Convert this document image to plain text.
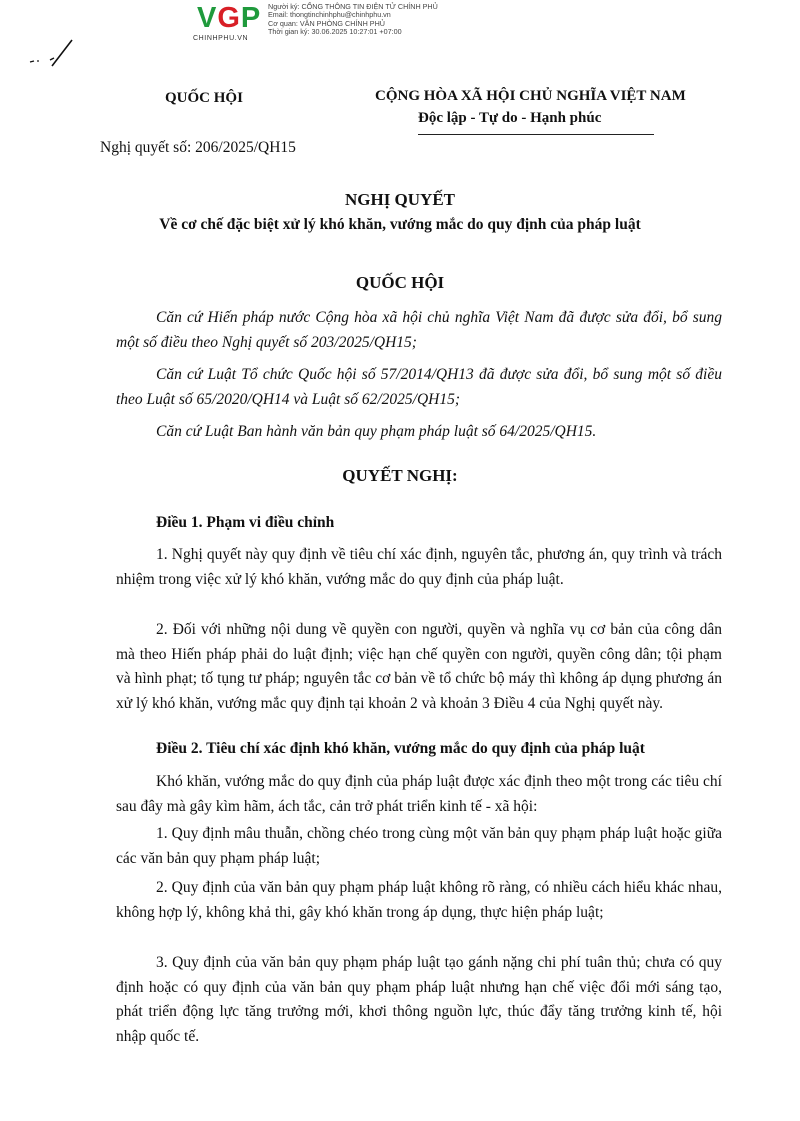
VGP
CHINHPHU.VN
Người ký: CỔNG THÔNG TIN ĐIỆN TỬ CHÍNH PHỦ
Email: thongtinchinhphu@chinhphu.vn
Cơ quan: VĂN PHÒNG CHÍNH PHỦ
Thời gian ký: 30.06.2025 10:27:01 +07:00
QUỐC HỘI	CỘNG HÒA XÃ HỘI CHỦ NGHĨA VIỆT NAM
Độc lập - Tự do - Hạnh phúc
Nghị quyết số: 206/2025/QH15
NGHỊ QUYẾT
Về cơ chế đặc biệt xử lý khó khăn, vướng mắc do quy định của pháp luật
QUỐC HỘI
Căn cứ Hiến pháp nước Cộng hòa xã hội chủ nghĩa Việt Nam đã được sửa đổi, bổ sung một số điều theo Nghị quyết số 203/2025/QH15;
Căn cứ Luật Tổ chức Quốc hội số 57/2014/QH13 đã được sửa đổi, bổ sung một số điều theo Luật số 65/2020/QH14 và Luật số 62/2025/QH15;
Căn cứ Luật Ban hành văn bản quy phạm pháp luật số 64/2025/QH15.
QUYẾT NGHỊ:
Điều 1. Phạm vi điều chỉnh
1. Nghị quyết này quy định về tiêu chí xác định, nguyên tắc, phương án, quy trình và trách nhiệm trong việc xử lý khó khăn, vướng mắc do quy định của pháp luật.
2. Đối với những nội dung về quyền con người, quyền và nghĩa vụ cơ bản của công dân mà theo Hiến pháp phải do luật định; việc hạn chế quyền con người, quyền công dân; tội phạm và hình phạt; tố tụng tư pháp; nguyên tắc cơ bản về tổ chức bộ máy thì không áp dụng phương án xử lý khó khăn, vướng mắc quy định tại khoản 2 và khoản 3 Điều 4 của Nghị quyết này.
Điều 2. Tiêu chí xác định khó khăn, vướng mắc do quy định của pháp luật
Khó khăn, vướng mắc do quy định của pháp luật được xác định theo một trong các tiêu chí sau đây mà gây kìm hãm, ách tắc, cản trở phát triển kinh tế - xã hội:
1. Quy định mâu thuẫn, chồng chéo trong cùng một văn bản quy phạm pháp luật hoặc giữa các văn bản quy phạm pháp luật;
2. Quy định của văn bản quy phạm pháp luật không rõ ràng, có nhiều cách hiểu khác nhau, không hợp lý, không khả thi, gây khó khăn trong áp dụng, thực hiện pháp luật;
3. Quy định của văn bản quy phạm pháp luật tạo gánh nặng chi phí tuân thủ; chưa có quy định hoặc có quy định của văn bản quy phạm pháp luật nhưng hạn chế việc đổi mới sáng tạo, phát triển động lực tăng trưởng mới, khơi thông nguồn lực, thúc đẩy tăng trưởng kinh tế, hội nhập quốc tế.
